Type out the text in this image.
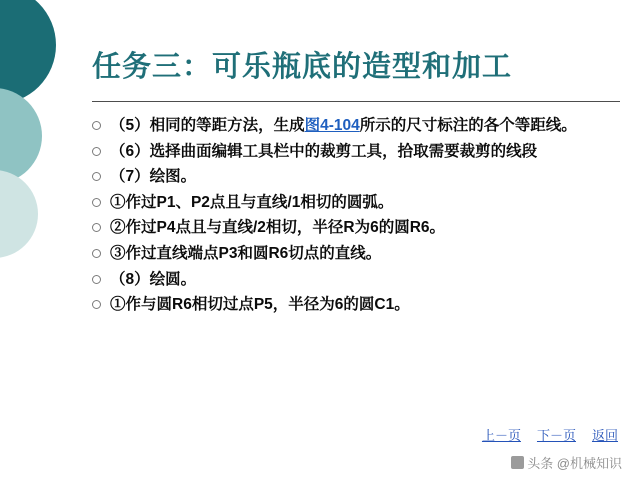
任务三：可乐瓶底的造型和加工
（5）相同的等距方法，生成图4-104所示的尺寸标注的各个等距线。
（6）选择曲面编辑工具栏中的裁剪工具，拾取需要裁剪的线段
（7）绘图。
①作过P1、P2点且与直线/1相切的圆弧。
②作过P4点且与直线/2相切，半径R为6的圆R6。
③作过直线端点P3和圆R6切点的直线。
（8）绘圆。
①作与圆R6相切过点P5，半径为6的圆C1。
上－页 下－页 返回
头条 @机械知识
